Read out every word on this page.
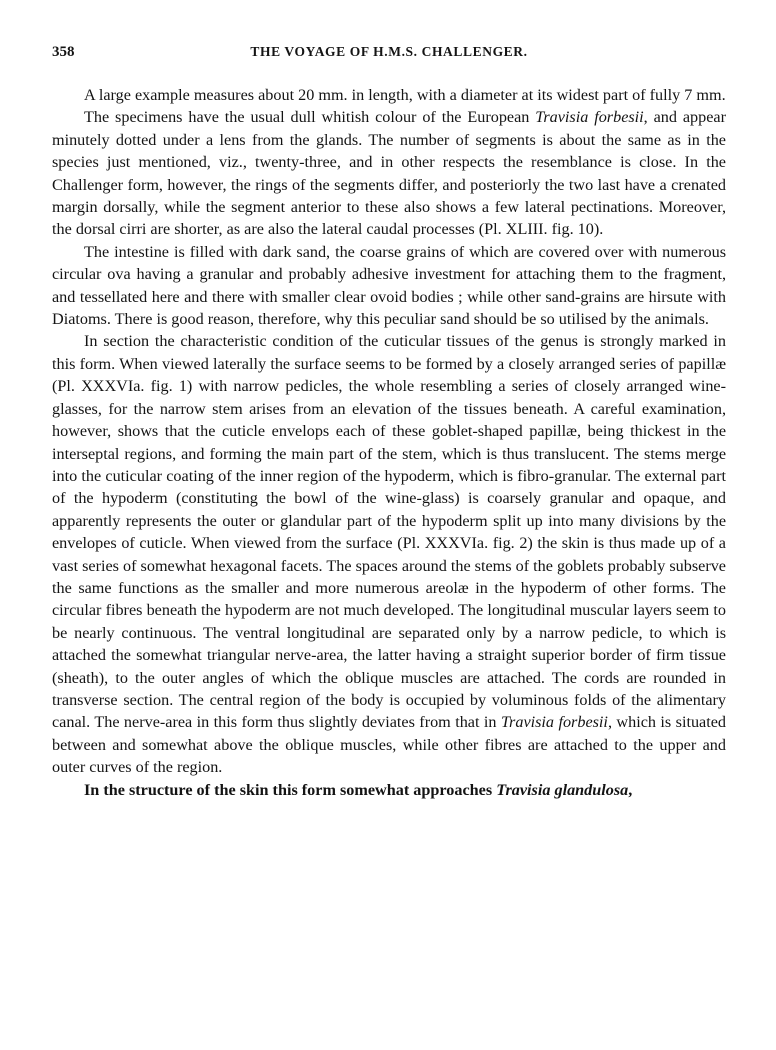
358	THE VOYAGE OF H.M.S. CHALLENGER.

A large example measures about 20 mm. in length, with a diameter at its widest part of fully 7 mm.

The specimens have the usual dull whitish colour of the European Travisia forbesii, and appear minutely dotted under a lens from the glands. The number of segments is about the same as in the species just mentioned, viz., twenty-three, and in other respects the resemblance is close. In the Challenger form, however, the rings of the segments differ, and posteriorly the two last have a crenated margin dorsally, while the segment anterior to these also shows a few lateral pectinations. Moreover, the dorsal cirri are shorter, as are also the lateral caudal processes (Pl. XLIII. fig. 10).

The intestine is filled with dark sand, the coarse grains of which are covered over with numerous circular ova having a granular and probably adhesive investment for attaching them to the fragment, and tessellated here and there with smaller clear ovoid bodies ; while other sand-grains are hirsute with Diatoms. There is good reason, therefore, why this peculiar sand should be so utilised by the animals.

In section the characteristic condition of the cuticular tissues of the genus is strongly marked in this form. When viewed laterally the surface seems to be formed by a closely arranged series of papillæ (Pl. XXXVIa. fig. 1) with narrow pedicles, the whole resembling a series of closely arranged wine-glasses, for the narrow stem arises from an elevation of the tissues beneath. A careful examination, however, shows that the cuticle envelops each of these goblet-shaped papillæ, being thickest in the interseptal regions, and forming the main part of the stem, which is thus translucent. The stems merge into the cuticular coating of the inner region of the hypoderm, which is fibro-granular. The external part of the hypoderm (constituting the bowl of the wine-glass) is coarsely granular and opaque, and apparently represents the outer or glandular part of the hypoderm split up into many divisions by the envelopes of cuticle. When viewed from the surface (Pl. XXXVIa. fig. 2) the skin is thus made up of a vast series of somewhat hexagonal facets. The spaces around the stems of the goblets probably subserve the same functions as the smaller and more numerous areolæ in the hypoderm of other forms. The circular fibres beneath the hypoderm are not much developed. The longitudinal muscular layers seem to be nearly continuous. The ventral longitudinal are separated only by a narrow pedicle, to which is attached the somewhat triangular nerve-area, the latter having a straight superior border of firm tissue (sheath), to the outer angles of which the oblique muscles are attached. The cords are rounded in transverse section. The central region of the body is occupied by voluminous folds of the alimentary canal. The nerve-area in this form thus slightly deviates from that in Travisia forbesii, which is situated between and somewhat above the oblique muscles, while other fibres are attached to the upper and outer curves of the region.

In the structure of the skin this form somewhat approaches Travisia glandulosa,
